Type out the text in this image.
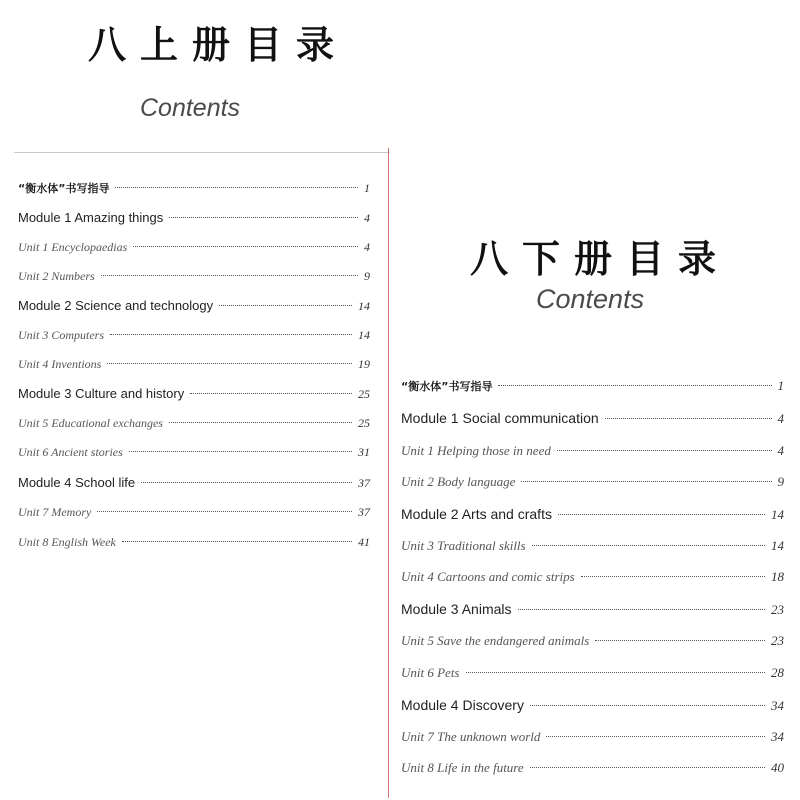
八上册目录
Contents
“衡水体”书写指导	1
Module 1 Amazing things	4
Unit 1 Encyclopaedias	4
Unit 2 Numbers	9
Module 2 Science and technology	14
Unit 3 Computers	14
Unit 4 Inventions	19
Module 3 Culture and history	25
Unit 5 Educational exchanges	25
Unit 6 Ancient stories	31
Module 4 School life	37
Unit 7 Memory	37
Unit 8 English Week	41
八下册目录
Contents
“衡水体”书写指导	1
Module 1 Social communication	4
Unit 1 Helping those in need	4
Unit 2 Body language	9
Module 2 Arts and crafts	14
Unit 3 Traditional skills	14
Unit 4 Cartoons and comic strips	18
Module 3 Animals	23
Unit 5 Save the endangered animals	23
Unit 6 Pets	28
Module 4 Discovery	34
Unit 7 The unknown world	34
Unit 8 Life in the future	40
